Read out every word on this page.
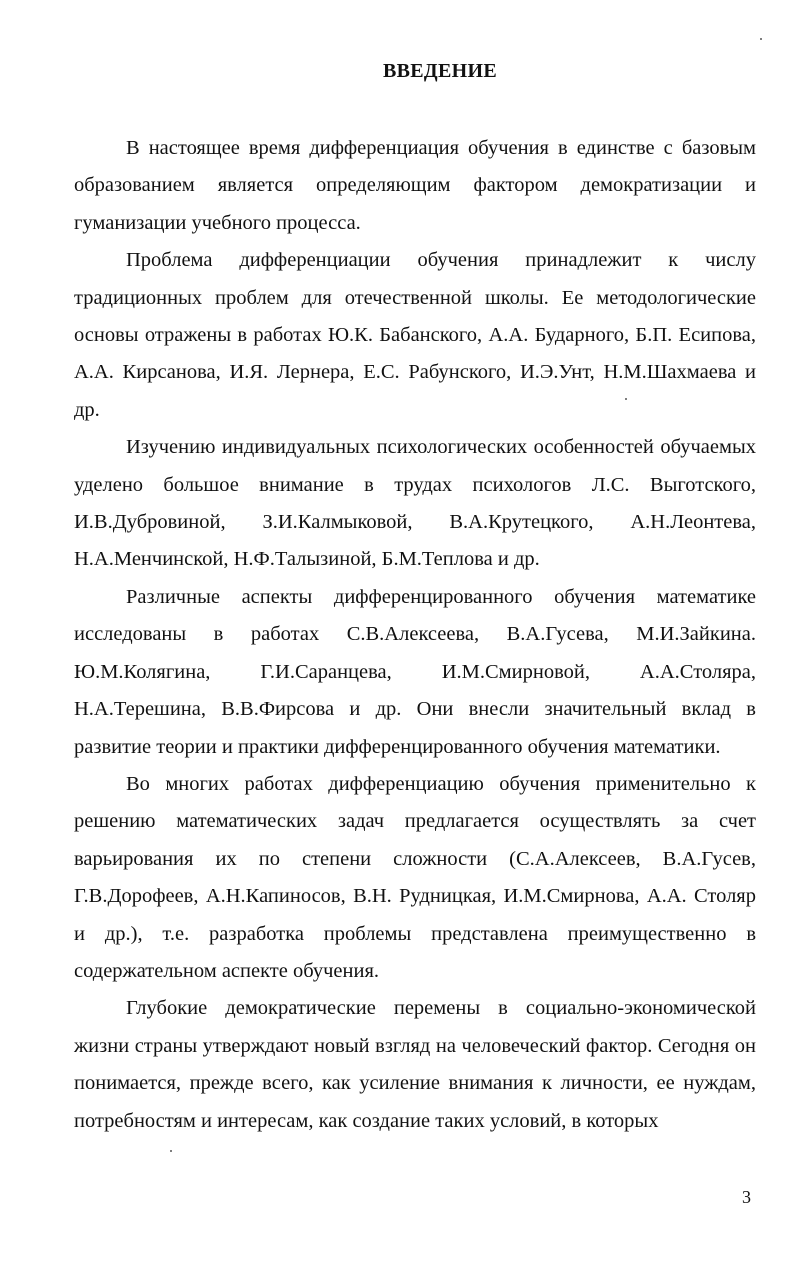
ВВЕДЕНИЕ

В настоящее время дифференциация обучения в единстве с базовым образованием является определяющим фактором демократизации и гуманизации учебного процесса.

Проблема дифференциации обучения принадлежит к числу традиционных проблем для отечественной школы. Ее методологические основы отражены в работах Ю.К. Бабанского, А.А. Бударного, Б.П. Есипова, А.А. Кирсанова, И.Я. Лернера, Е.С. Рабунского, И.Э.Унт, Н.М.Шахмаева и др.

Изучению индивидуальных психологических особенностей обучаемых уделено большое внимание в трудах психологов Л.С. Выготского, И.В.Дубровиной, З.И.Калмыковой, В.А.Крутецкого, А.Н.Леонтева, Н.А.Менчинской, Н.Ф.Талызиной, Б.М.Теплова и др.

Различные аспекты дифференцированного обучения математике исследованы в работах С.В.Алексеева, В.А.Гусева, М.И.Зайкина. Ю.М.Колягина, Г.И.Саранцева, И.М.Смирновой, А.А.Столяра, Н.А.Терешина, В.В.Фирсова и др. Они внесли значительный вклад в развитие теории и практики дифференцированного обучения математики.

Во многих работах дифференциацию обучения применительно к решению математических задач предлагается осуществлять за счет варьирования их по степени сложности (С.А.Алексеев, В.А.Гусев, Г.В.Дорофеев, А.Н.Капиносов, В.Н. Рудницкая, И.М.Смирнова, А.А. Столяр и др.), т.е. разработка проблемы представлена преимущественно в содержательном аспекте обучения.

Глубокие демократические перемены в социально-экономической жизни страны утверждают новый взгляд на человеческий фактор. Сегодня он понимается, прежде всего, как усиление внимания к личности, ее нуждам, потребностям и интересам, как создание таких условий, в которых

3
